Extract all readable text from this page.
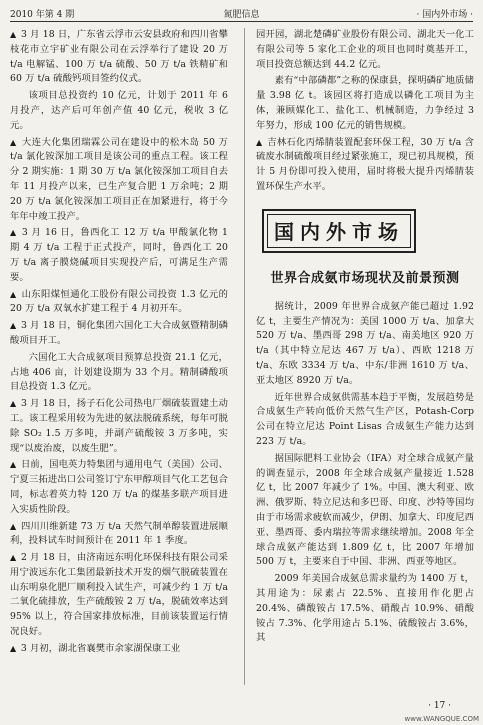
2010 年第 4 期	氮肥信息	· 国内外市场 ·

▲ 3 月 18 日，广东省云浮市云安县政府和四川省攀枝花市立宇矿业有限公司在云浮举行了建设 20 万 t/a 电解锰、100 万 t/a 硫酸、50 万 t/a 铁精矿和 60 万 t/a 硫酸钙项目签约仪式。

该项目总投资约 10 亿元，计划于 2011 年 6 月投产，达产后可年创产值 40 亿元，税收 3 亿元。

▲ 大连大化集团瑞霖公司在建设中的松木岛 50 万 t/a 氯化铵深加工项目是该公司的重点工程。该工程分 2 期实施：1 期 30 万 t/a 氯化铵深加工项目自去年 11 月投产以来，已生产复合肥 1 万余吨；2 期 20 万 t/a 氯化铵深加工项目正在加紧进行，将于今年年中竣工投产。

▲ 3 月 16 日，鲁西化工 12 万 t/a 甲酸氯化物 1 期 4 万 t/a 工程于正式投产，同时，鲁西化工 20 万 t/a 离子膜烧碱项目实现投产后，可满足生产需要。

▲ 山东阳煤恒通化工股份有限公司投资 1.3 亿元的 20 万 t/a 双氧水扩建工程于 4 月初开车。

▲ 3 月 18 日，铜化集团六国化工大合成氨暨精制磷酸项目开工。

六国化工大合成氨项目预算总投资 21.1 亿元，占地 406 亩，计划建设期为 33 个月。精制磷酸项目总投资 1.3 亿元。

▲ 3 月 18 日，扬子石化公司热电厂烟硫装置建土动工。该工程采用较为先进的氨法脱硫系统，每年可脱除 SO₂ 1.5 万多吨，并副产硫酸铵 3 万多吨，实现“以废治废，以废生肥”。

▲ 日前，国电英力特集团与通用电气（美国）公司、宁夏三拓进出口公司签订宁东甲醇项目气化工艺包合同，标志着英力特 120 万 t/a 的煤基多联产项目进入实质性阶段。

▲ 四川川维新建 73 万 t/a 天然气制单醇装置进展顺利，投料试车时间预计在 2011 年 1 季度。

▲ 2 月 18 日，由济南远东明化环保科技有限公司采用宁波远东化工集团最新技术开发的烟气脱硫装置在山东明泉化肥厂顺利投入试生产，可减少约 1 万 t/a 二氧化硫排放，生产硫酸铵 2 万 t/a，脱硫效率达到 95% 以上，符合国家排放标准，目前该装置运行情况良好。

▲ 3 月初，湖北省襄樊市余家湖保康工业

园开园，湖北楚磷矿业股份有限公司、湖北天一化工有限公司等 5 家化工企业的项目也同时奠基开工，项目投资总额达到 44.2 亿元。

素有“中部磷都”之称的保康县，探明磷矿地质储量 3.98 亿 t。该园区将打造成以磷化工项目为主体，兼顾媒化工、盐化工、机械制造，力争经过 3 年努力，形成 100 亿元的销售规模。

▲ 吉林石化丙烯腈装置配套环保工程，30 万 t/a 含硫废水制硫酸项目经过紧张施工，现已初具规模，预计 5 月份即可投入使用，届时将极大提升丙烯腈装置环保生产水平。

国内外市场
世界合成氨市场现状及前景预测

据统计，2009 年世界合成氨产能已超过 1.92 亿 t，主要生产情况为：美国 1000 万 t/a、加拿大 520 万 t/a、墨西哥 298 万 t/a、南美地区 920 万 t/a（其中特立尼达 467 万 t/a）、西欧 1218 万 t/a、东欧 3334 万 t/a、中东/非洲 1610 万 t/a、亚太地区 8920 万 t/a。

近年世界合成氨供需基本趋于平衡，发展趋势是合成氨生产转向低价天然气生产区，Potash-Corp 公司在特立尼达 Point Lisas 合成氨生产能力达到 223 万 t/a。

据国际肥料工业协会（IFA）对全球合成氨产量的调查显示，2008 年全球合成氨产量接近 1.528 亿 t，比 2007 年减少了 1%。中国、澳大利亚、欧洲、俄罗斯、特立尼达和多巴哥、印度、沙特等国均由于市场需求疲软而减少，伊朗、加拿大、印度尼西亚、墨西哥、委内瑞拉等需求继续增加。2008 年全球合成氨产能达到 1.809 亿 t，比 2007 年增加 500 万 t，主要来自于中国、非洲、西亚等地区。

2009 年美国合成氨总需求量约为 1400 万 t，其用途为：尿素占 22.5%、直接用作化肥占 20.4%、磷酸铵占 17.5%、硝酸占 10.9%、硝酸铵占 7.3%、化学用途占 5.1%、硫酸铵占 3.6%，其

· 17 ·
www.WANGQUE.COM
